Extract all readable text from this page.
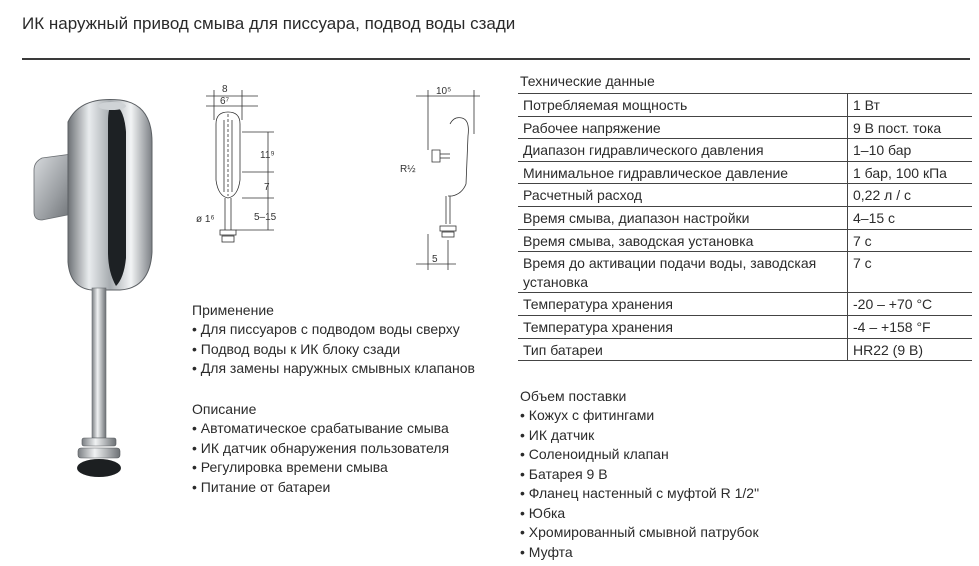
ИК наружный привод смыва для писсуара, подвод воды сзади
8
6⁷
11⁹
7
ø 1⁶	5–15
10⁵
R½
5
Применение
• Для писсуаров с подводом воды сверху
• Подвод воды к ИК блоку сзади
• Для замены наружных смывных клапанов
Описание
• Автоматическое срабатывание смыва
• ИК датчик обнаружения пользователя
• Регулировка времени смыва
• Питание от батареи
Технические данные
Потребляемая мощность	1 Вт
Рабочее напряжение	9 В пост. тока
Диапазон гидравлического давления	1–10 бар
Минимальное гидравлическое давление	1 бар, 100 кПа
Расчетный расход	0,22 л / с
Время смыва, диапазон настройки	4–15 с
Время смыва, заводская установка	7 с
Время до активации подачи воды, заводская установка	7 с
Температура хранения	-20 – +70 °C
Температура хранения	-4 – +158 °F
Тип батареи	HR22 (9 В)
Объем поставки
• Кожух с фитингами
• ИК датчик
• Соленоидный клапан
• Батарея 9 В
• Фланец настенный с муфтой R 1/2"
• Юбка
• Хромированный смывной патрубок
• Муфта
